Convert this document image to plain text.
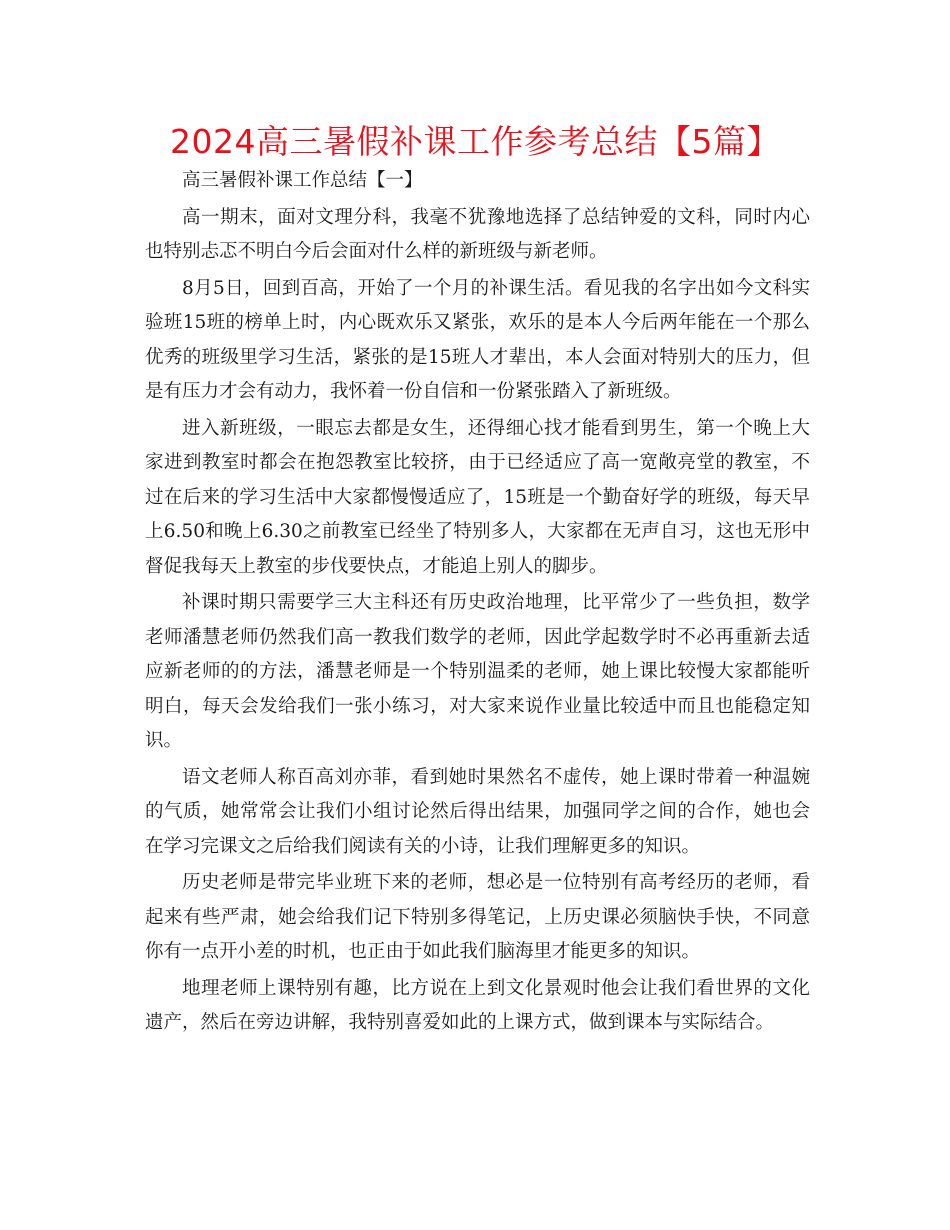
2024高三暑假补课工作参考总结【5篇】

高三暑假补课工作总结【一】

高一期末，面对文理分科，我毫不犹豫地选择了总结钟爱的文科，同时内心也特别忐忑不明白今后会面对什么样的新班级与新老师。

8月5日，回到百高，开始了一个月的补课生活。看见我的名字出如今文科实验班15班的榜单上时，内心既欢乐又紧张，欢乐的是本人今后两年能在一个那么优秀的班级里学习生活，紧张的是15班人才辈出，本人会面对特别大的压力，但是有压力才会有动力，我怀着一份自信和一份紧张踏入了新班级。

进入新班级，一眼忘去都是女生，还得细心找才能看到男生，第一个晚上大家进到教室时都会在抱怨教室比较挤，由于已经适应了高一宽敞亮堂的教室，不过在后来的学习生活中大家都慢慢适应了，15班是一个勤奋好学的班级，每天早上6.50和晚上6.30之前教室已经坐了特别多人，大家都在无声自习，这也无形中督促我每天上教室的步伐要快点，才能追上别人的脚步。

补课时期只需要学三大主科还有历史政治地理，比平常少了一些负担，数学老师潘慧老师仍然我们高一教我们数学的老师，因此学起数学时不必再重新去适应新老师的的方法，潘慧老师是一个特别温柔的老师，她上课比较慢大家都能听明白，每天会发给我们一张小练习，对大家来说作业量比较适中而且也能稳定知识。

语文老师人称百高刘亦菲，看到她时果然名不虚传，她上课时带着一种温婉的气质，她常常会让我们小组讨论然后得出结果，加强同学之间的合作，她也会在学习完课文之后给我们阅读有关的小诗，让我们理解更多的知识。

历史老师是带完毕业班下来的老师，想必是一位特别有高考经历的老师，看起来有些严肃，她会给我们记下特别多得笔记，上历史课必须脑快手快，不同意你有一点开小差的时机，也正由于如此我们脑海里才能更多的知识。

地理老师上课特别有趣，比方说在上到文化景观时他会让我们看世界的文化遗产，然后在旁边讲解，我特别喜爱如此的上课方式，做到课本与实际结合。
